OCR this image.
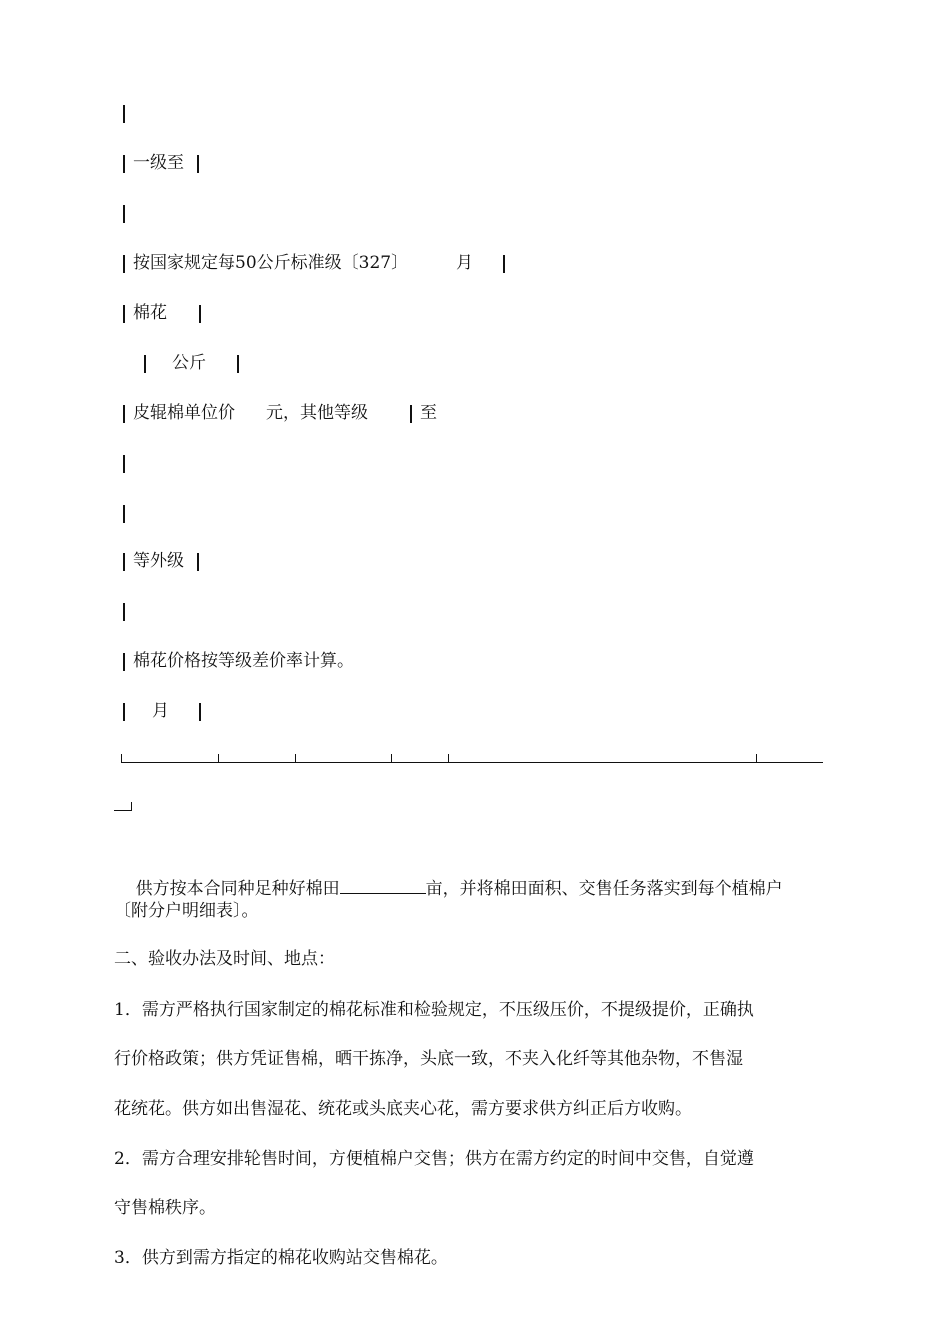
一级至
按国家规定每50公斤标准级〔327〕	月
棉花
公斤
皮辊棉单位价 元，其他等级	至
等外级
棉花价格按等级差价率计算。
月

供方按本合同种足种好棉田	亩，并将棉田面积、交售任务落实到每个植棉户

〔附分户明细表〕。
二、验收办法及时间、地点：
1．需方严格执行国家制定的棉花标准和检验规定，不压级压价，不提级提价，正确执
行价格政策；供方凭证售棉，晒干拣净，头底一致，不夹入化纤等其他杂物，不售湿
花统花。供方如出售湿花、统花或头底夹心花，需方要求供方纠正后方收购。
2．需方合理安排轮售时间，方便植棉户交售；供方在需方约定的时间中交售，自觉遵
守售棉秩序。
3．供方到需方指定的棉花收购站交售棉花。
